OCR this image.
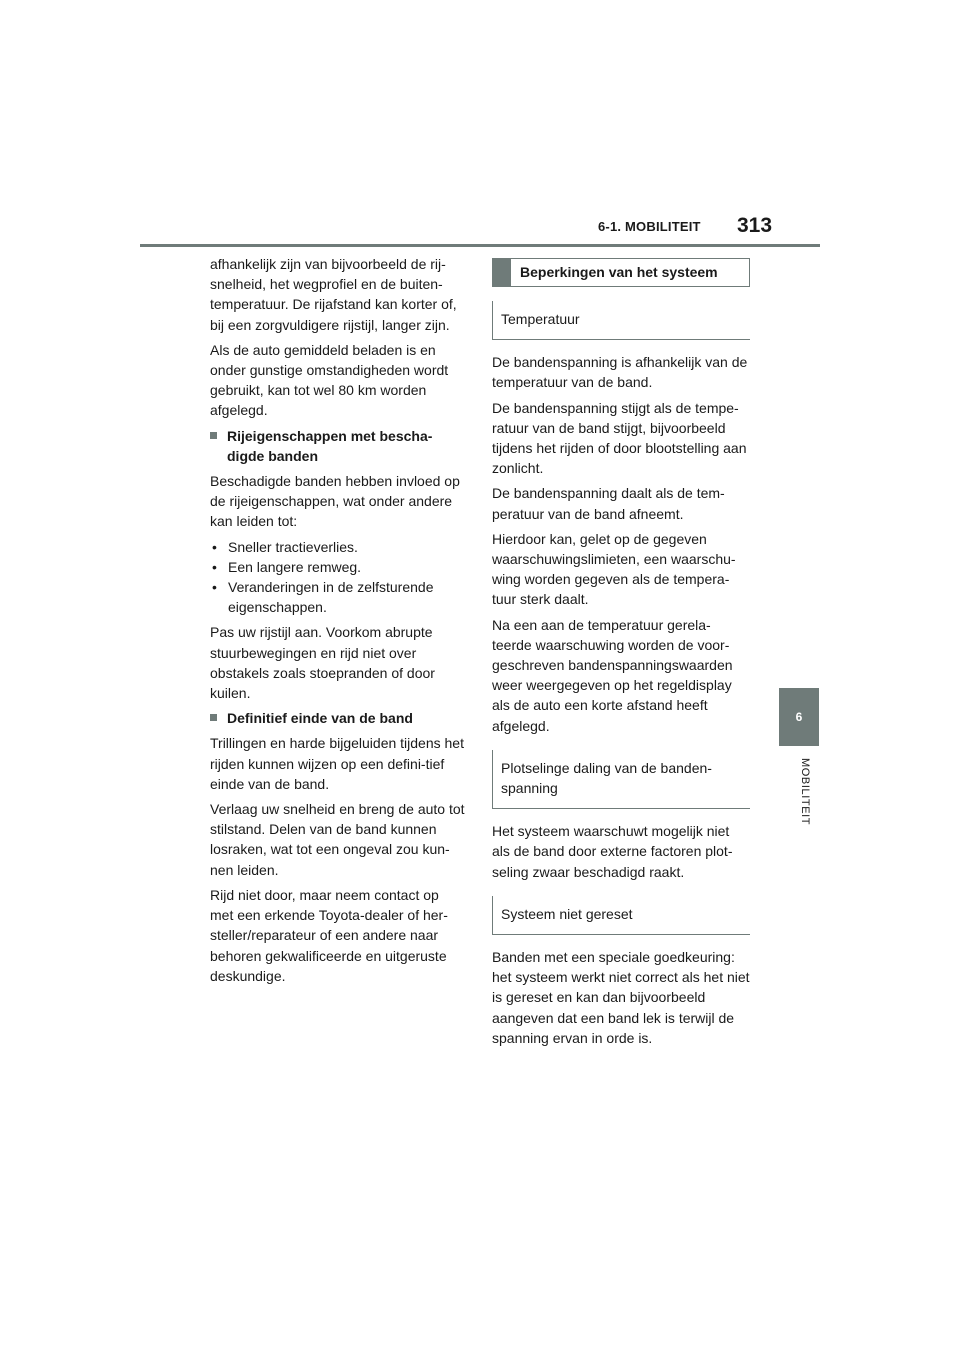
6-1. MOBILITEIT 313
6
MOBILITEIT

afhankelijk zijn van bijvoorbeeld de rij-snelheid, het wegprofiel en de buiten-temperatuur. De rijafstand kan korter of, bij een zorgvuldigere rijstijl, langer zijn.

Als de auto gemiddeld beladen is en onder gunstige omstandigheden wordt gebruikt, kan tot wel 80 km worden afgelegd.

Rijeigenschappen met bescha-digde banden

Beschadigde banden hebben invloed op de rijeigenschappen, wat onder andere kan leiden tot:

• Sneller tractieverlies.
• Een langere remweg.
• Veranderingen in de zelfsturende eigenschappen.

Pas uw rijstijl aan. Voorkom abrupte stuurbewegingen en rijd niet over obstakels zoals stoepranden of door kuilen.

Definitief einde van de band

Trillingen en harde bijgeluiden tijdens het rijden kunnen wijzen op een defini-tief einde van de band.

Verlaag uw snelheid en breng de auto tot stilstand. Delen van de band kunnen losraken, wat tot een ongeval zou kun-nen leiden.

Rijd niet door, maar neem contact op met een erkende Toyota-dealer of her-steller/reparateur of een andere naar behoren gekwalificeerde en uitgeruste deskundige.

Beperkingen van het systeem
Temperatuur

De bandenspanning is afhankelijk van de temperatuur van de band.

De bandenspanning stijgt als de tempe-ratuur van de band stijgt, bijvoorbeeld tijdens het rijden of door blootstelling aan zonlicht.

De bandenspanning daalt als de tem-peratuur van de band afneemt.

Hierdoor kan, gelet op de gegeven waarschuwingslimieten, een waarschu-wing worden gegeven als de tempera-tuur sterk daalt.

Na een aan de temperatuur gerela-teerde waarschuwing worden de voor-geschreven bandenspanningswaarden weer weergegeven op het regeldisplay als de auto een korte afstand heeft afgelegd.

Plotselinge daling van de banden-spanning

Het systeem waarschuwt mogelijk niet als de band door externe factoren plot-seling zwaar beschadigd raakt.

Systeem niet gereset

Banden met een speciale goedkeuring: het systeem werkt niet correct als het niet is gereset en kan dan bijvoorbeeld aangeven dat een band lek is terwijl de spanning ervan in orde is.
